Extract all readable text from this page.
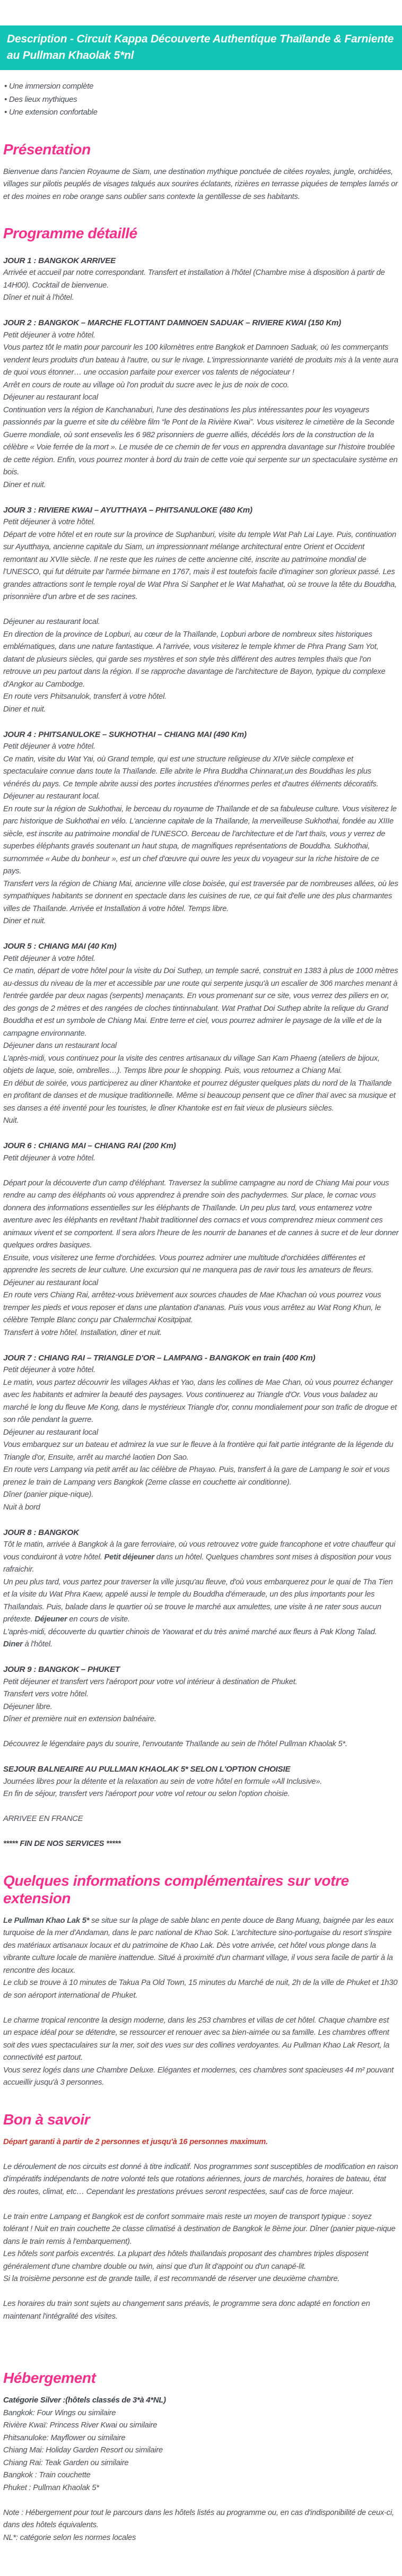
Description - Circuit Kappa Découverte Authentique Thaïlande & Farniente au Pullman Khaolak 5*nl
• Une immersion complète
• Des lieux mythiques
• Une extension confortable
Présentation

Bienvenue dans l'ancien Royaume de Siam, une destination mythique ponctuée de citées royales, jungle, orchidées, villages sur pilotis peuplés de visages talqués aux sourires éclatants, rizières en terrasse piquées de temples lamés or et des moines en robe orange sans oublier sans contexte la gentillesse de ses habitants.

Programme détaillé

JOUR 1 : BANGKOK ARRIVEE

Arrivée et accueil par notre correspondant. Transfert et installation à l'hôtel (Chambre mise à disposition à partir de 14H00). Cocktail de bienvenue.

Dîner et nuit à l'hôtel.

JOUR 2 : BANGKOK – MARCHE FLOTTANT DAMNOEN SADUAK – RIVIERE KWAI (150 Km)

Petit déjeuner à votre hôtel.

Vous partez tôt le matin pour parcourir les 100 kilomètres entre Bangkok et Damnoen Saduak, où les commerçants vendent leurs produits d'un bateau à l'autre, ou sur le rivage. L'impressionnante variété de produits mis à la vente aura de quoi vous étonner… une occasion parfaite pour exercer vos talents de négociateur !

Arrêt en cours de route au village où l'on produit du sucre avec le jus de noix de coco.

Déjeuner au restaurant local

Continuation vers la région de Kanchanaburi, l'une des destinations les plus intéressantes pour les voyageurs passionnés par la guerre et site du célèbre film “le Pont de la Rivière Kwai”. Vous visiterez le cimetière de la Seconde Guerre mondiale, où sont ensevelis les 6 982 prisonniers de guerre alliés, décédés lors de la construction de la célèbre « Voie ferrée de la mort ». Le musée de ce chemin de fer vous en apprendra davantage sur l'histoire troublée de cette région. Enfin, vous pourrez monter à bord du train de cette voie qui serpente sur un spectaculaire système en bois.

Diner et nuit.

JOUR 3 : RIVIERE KWAI – AYUTTHAYA – PHITSANULOKE (480 Km)

Petit déjeuner à votre hôtel.

Départ de votre hôtel et en route sur la province de Suphanburi, visite du temple Wat Pah Lai Laye. Puis, continuation sur Ayutthaya, ancienne capitale du Siam, un impressionnant mélange architectural entre Orient et Occident remontant au XVIIe siècle. Il ne reste que les ruines de cette ancienne cité, inscrite au patrimoine mondial de l'UNESCO, qui fut détruite par l'armée birmane en 1767, mais il est toutefois facile d'imaginer son glorieux passé. Les grandes attractions sont le temple royal de Wat Phra Si Sanphet et le Wat Mahathat, où se trouve la tête du Bouddha, prisonnière d'un arbre et de ses racines.

Déjeuner au restaurant local.

En direction de la province de Lopburi, au cœur de la Thaïlande, Lopburi arbore de nombreux sites historiques emblématiques, dans une nature fantastique. A l'arrivée, vous visiterez le temple khmer de Phra Prang Sam Yot, datant de plusieurs siècles, qui garde ses mystères et son style très différent des autres temples thaïs que l'on retrouve un peu partout dans la région. Il se rapproche davantage de l'architecture de Bayon, typique du complexe d'Angkor au Cambodge.

En route vers Phitsanulok, transfert à votre hôtel.

Diner et nuit.

JOUR 4 : PHITSANULOKE – SUKHOTHAI – CHIANG MAI (490 Km)

Petit déjeuner à votre hôtel.

Ce matin, visite du Wat Yai, où Grand temple, qui est une structure religieuse du XIVe siècle complexe et spectaculaire connue dans toute la Thaïlande. Elle abrite le Phra Buddha Chinnarat,un des Bouddhas les plus vénérés du pays. Ce temple abrite aussi des portes incrustées d'énormes perles et d'autres éléments décoratifs.

Déjeuner au restaurant local.

En route sur la région de Sukhothai, le berceau du royaume de Thaïlande et de sa fabuleuse culture. Vous visiterez le parc historique de Sukhothai en vélo. L'ancienne capitale de la Thaïlande, la merveilleuse Sukhothai, fondée au XIIIe siècle, est inscrite au patrimoine mondial de l'UNESCO. Berceau de l'architecture et de l'art thaïs, vous y verrez de superbes éléphants gravés soutenant un haut stupa, de magnifiques représentations de Bouddha. Sukhothai, surnommée « Aube du bonheur », est un chef d'œuvre qui ouvre les yeux du voyageur sur la riche histoire de ce pays.

Transfert vers la région de Chiang Mai, ancienne ville close boisée, qui est traversée par de nombreuses allées, où les sympathiques habitants se donnent en spectacle dans les cuisines de rue, ce qui fait d'elle une des plus charmantes villes de Thaïlande. Arrivée et Installation à votre hôtel. Temps libre.

Diner et nuit.

JOUR 5 : CHIANG MAI (40 Km)

Petit déjeuner à votre hôtel.

Ce matin, départ de votre hôtel pour la visite du Doi Suthep, un temple sacré, construit en 1383 à plus de 1000 mètres au-dessus du niveau de la mer et accessible par une route qui serpente jusqu'à un escalier de 306 marches menant à l'entrée gardée par deux nagas (serpents) menaçants. En vous promenant sur ce site, vous verrez des piliers en or, des gongs de 2 mètres et des rangées de cloches tintinnabulant. Wat Prathat Doi Suthep abrite la relique du Grand Bouddha et est un symbole de Chiang Mai. Entre terre et ciel, vous pourrez admirer le paysage de la ville et de la campagne environnante.

Déjeuner dans un restaurant local

L'après-midi, vous continuez pour la visite des centres artisanaux du village San Kam Phaeng (ateliers de bijoux, objets de laque, soie, ombrelles…). Temps libre pour le shopping. Puis, vous retournez a Chiang Mai.

En début de soirée, vous participerez au diner Khantoke et pourrez déguster quelques plats du nord de la Thaïlande en profitant de danses et de musique traditionnelle. Même si beaucoup pensent que ce dîner thaï avec sa musique et ses danses a été inventé pour les touristes, le dîner Khantoke est en fait vieux de plusieurs siècles.

Nuit.

JOUR 6 : CHIANG MAI – CHIANG RAI (200 Km)

Petit déjeuner à votre hôtel.

Départ pour la découverte d'un camp d'éléphant. Traversez la sublime campagne au nord de Chiang Mai pour vous rendre au camp des éléphants où vous apprendrez à prendre soin des pachydermes. Sur place, le cornac vous donnera des informations essentielles sur les éléphants de Thaïlande. Un peu plus tard, vous entamerez votre aventure avec les éléphants en revêtant l'habit traditionnel des cornacs et vous comprendrez mieux comment ces animaux vivent et se comportent. Il sera alors l'heure de les nourrir de bananes et de cannes à sucre et de leur donner quelques ordres basiques.

Ensuite, vous visiterez une ferme d'orchidées. Vous pourrez admirer une multitude d'orchidées différentes et apprendre les secrets de leur culture. Une excursion qui ne manquera pas de ravir tous les amateurs de fleurs.

Déjeuner au restaurant local

En route vers Chiang Rai, arrêtez-vous brièvement aux sources chaudes de Mae Khachan où vous pourrez vous tremper les pieds et vous reposer et dans une plantation d'ananas. Puis vous vous arrêtez au Wat Rong Khun, le célèbre Temple Blanc conçu par Chalermchai Kositpipat.

Transfert à votre hôtel. Installation, diner et nuit.

JOUR 7 : CHIANG RAI – TRIANGLE D'OR – LAMPANG - BANGKOK en train (400 Km)

Petit déjeuner à votre hôtel.

Le matin, vous partez découvrir les villages Akhas et Yao, dans les collines de Mae Chan, où vous pourrez échanger avec les habitants et admirer la beauté des paysages. Vous continuerez au Triangle d'Or. Vous vous baladez au marché le long du fleuve Me Kong, dans le mystérieux Triangle d'or, connu mondialement pour son trafic de drogue et son rôle pendant la guerre.

Déjeuner au restaurant local

Vous embarquez sur un bateau et admirez la vue sur le fleuve à la frontière qui fait partie intégrante de la légende du Triangle d'or, Ensuite, arrêt au marché laotien Don Sao.

En route vers Lampang via petit arrêt au lac célèbre de Phayao. Puis, transfert à la gare de Lampang le soir et vous prenez le train de Lampang vers Bangkok (2eme classe en couchette air conditionne).

Dîner (panier pique-nique).

Nuit à bord

JOUR 8 : BANGKOK

Tôt le matin, arrivée à Bangkok à la gare ferroviaire, où vous retrouvez votre guide francophone et votre chauffeur qui vous conduiront à votre hôtel. Petit déjeuner dans un hôtel. Quelques chambres sont mises à disposition pour vous rafraichir.

Un peu plus tard, vous partez pour traverser la ville jusqu'au fleuve, d'où vous embarquerez pour le quai de Tha Tien et la visite du Wat Phra Kaew, appelé aussi le temple du Bouddha d'émeraude, un des plus importants pour les Thaïlandais. Puis, balade dans le quartier où se trouve le marché aux amulettes, une visite à ne rater sous aucun prétexte. Déjeuner en cours de visite.

L'après-midi, découverte du quartier chinois de Yaowarat et du très animé marché aux fleurs à Pak Klong Talad.

Diner à l'hôtel.

JOUR 9 : BANGKOK – PHUKET

Petit déjeuner et transfert vers l'aéroport pour votre vol intérieur à destination de Phuket.

Transfert vers votre hôtel.

Déjeuner libre.

Dîner et première nuit en extension balnéaire.

Découvrez le légendaire pays du sourire, l'envoutante Thaïlande au sein de l'hôtel Pullman Khaolak 5*.

SEJOUR BALNEAIRE AU PULLMAN KHAOLAK 5* SELON L'OPTION CHOISIE

Journées libres pour la détente et la relaxation au sein de votre hôtel en formule «All Inclusive».

En fin de séjour, transfert vers l'aéroport pour votre vol retour ou selon l'option choisie.

ARRIVEE EN FRANCE

***** FIN DE NOS SERVICES *****

Quelques informations complémentaires sur votre extension

Le Pullman Khao Lak 5* se situe sur la plage de sable blanc en pente douce de Bang Muang, baignée par les eaux turquoise de la mer d'Andaman, dans le parc national de Khao Sok. L'architecture sino-portugaise du resort s'inspire des matériaux artisanaux locaux et du patrimoine de Khao Lak. Dès votre arrivée, cet hôtel vous plonge dans la vibrante culture locale de manière inattendue. Situé à proximité d'un charmant village, il vous sera facile de partir à la rencontre des locaux.

Le club se trouve à 10 minutes de Takua Pa Old Town, 15 minutes du Marché de nuit, 2h de la ville de Phuket et 1h30 de son aéroport international de Phuket.

Le charme tropical rencontre la design moderne, dans les 253 chambres et villas de cet hôtel. Chaque chambre est un espace idéal pour se détendre, se ressourcer et renouer avec sa bien-aimée ou sa famille. Les chambres offrent soit des vues spectaculaires sur la mer, soit des vues sur des collines verdoyantes. Au Pullman Khao Lak Resort, la connectivité est partout.

Vous serez logés dans une Chambre Deluxe. Elégantes et modernes, ces chambres sont spacieuses 44 m² pouvant accueillir jusqu'à 3 personnes.

Bon à savoir

Départ garanti à partir de 2 personnes et jusqu'à 16 personnes maximum.

Le déroulement de nos circuits est donné à titre indicatif. Nos programmes sont susceptibles de modification en raison d'impératifs indépendants de notre volonté tels que rotations aériennes, jours de marchés, horaires de bateau, état des routes, climat, etc… Cependant les prestations prévues seront respectées, sauf cas de force majeur.

Le train entre Lampang et Bangkok est de confort sommaire mais reste un moyen de transport typique : soyez tolérant ! Nuit en train couchette 2e classe climatisé à destination de Bangkok le 8ème jour. Dîner (panier pique-nique dans le train remis à l'embarquement).

Les hôtels sont parfois excentrés. La plupart des hôtels thaïlandais proposant des chambres triples disposent généralement d'une chambre double ou twin, ainsi que d'un lit d'appoint ou d'un canapé-lit.

Si la troisième personne est de grande taille, il est recommandé de réserver une deuxième chambre.

Les horaires du train sont sujets au changement sans préavis, le programme sera donc adapté en fonction en maintenant l'intégralité des visites.

Hébergement

Catégorie Silver :(hôtels classés de 3*à 4*NL)

Bangkok: Four Wings ou similaire

Rivière Kwaï: Princess River Kwai ou similaire

Phitsanuloke: Mayflower ou similaire

Chiang Mai: Holiday Garden Resort ou similaire

Chiang Rai: Teak Garden ou similaire

Bangkok : Train couchette

Phuket : Pullman Khaolak 5*

Note : Hébergement pour tout le parcours dans les hôtels listés au programme ou, en cas d'indisponibilité de ceux-ci, dans des hôtels équivalents.

NL*: catégorie selon les normes locales
